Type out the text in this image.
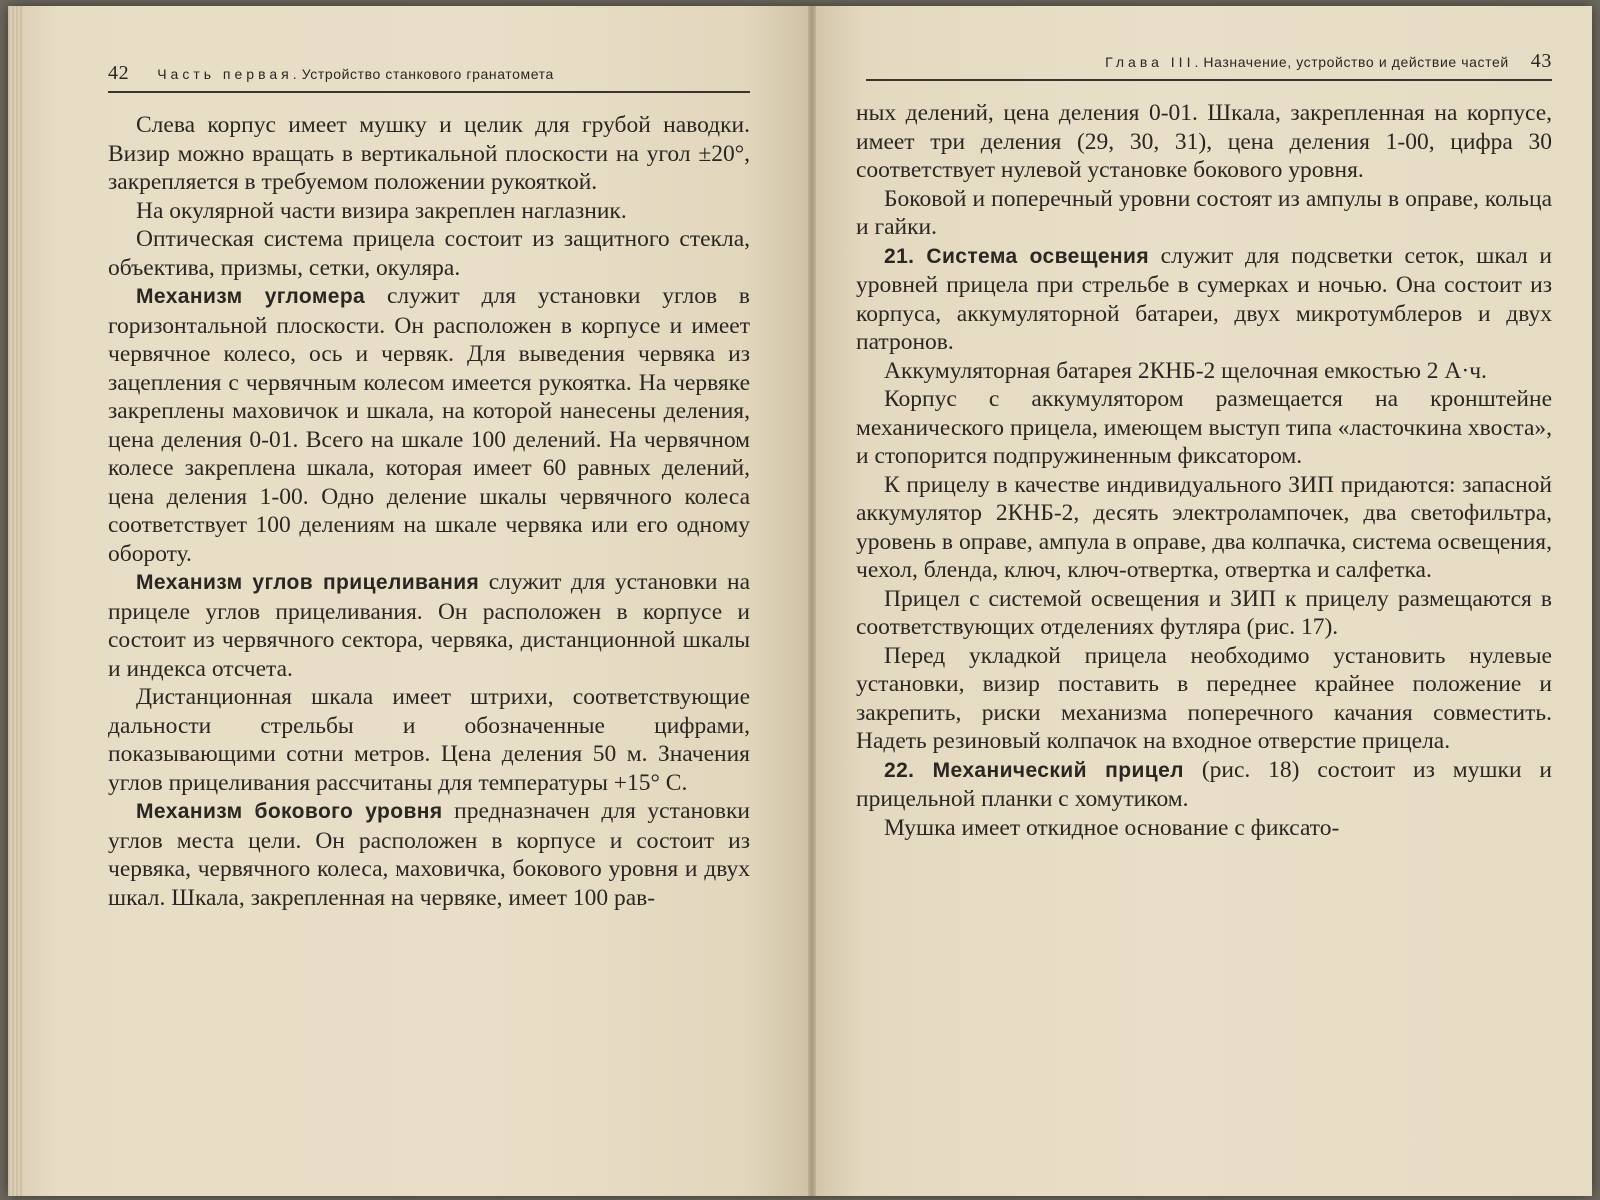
42 Часть первая . Устройство станкового гранатомета

Слева корпус имеет мушку и целик для грубой наводки. Визир можно вращать в вертикальной плоскости на угол ±20°, закрепляется в требуемом положении рукояткой.

На окулярной части визира закреплен наглазник.

Оптическая система прицела состоит из защитного стекла, объектива, призмы, сетки, окуляра.

Механизм угломера служит для установки углов в горизонтальной плоскости. Он расположен в корпусе и имеет червячное колесо, ось и червяк. Для выведения червяка из зацепления с червячным колесом имеется рукоятка. На червяке закреплены маховичок и шкала, на которой нанесены деления, цена деления 0-01. Всего на шкале 100 делений. На червячном колесе закреплена шкала, которая имеет 60 равных делений, цена деления 1-00. Одно деление шкалы червячного колеса соответствует 100 делениям на шкале червяка или его одному обороту.

Механизм углов прицеливания служит для установки на прицеле углов прицеливания. Он расположен в корпусе и состоит из червячного сектора, червяка, дистанционной шкалы и индекса отсчета.

Дистанционная шкала имеет штрихи, соответствующие дальности стрельбы и обозначенные цифрами, показывающими сотни метров. Цена деления 50 м. Значения углов прицеливания рассчитаны для температуры +15° С.

Механизм бокового уровня предназначен для установки углов места цели. Он расположен в корпусе и состоит из червяка, червячного колеса, маховичка, бокового уровня и двух шкал. Шкала, закрепленная на червяке, имеет 100 рав-

Глава III . Назначение, устройство и действие частей 43

ных делений, цена деления 0-01. Шкала, закрепленная на корпусе, имеет три деления (29, 30, 31), цена деления 1-00, цифра 30 соответствует нулевой установке бокового уровня.

Боковой и поперечный уровни состоят из ампулы в оправе, кольца и гайки.

21. Система освещения служит для подсветки сеток, шкал и уровней прицела при стрельбе в сумерках и ночью. Она состоит из корпуса, аккумуляторной батареи, двух микротумблеров и двух патронов.

Аккумуляторная батарея 2КНБ-2 щелочная емкостью 2 А·ч.

Корпус с аккумулятором размещается на кронштейне механического прицела, имеющем выступ типа «ласточкина хвоста», и стопорится подпружиненным фиксатором.

К прицелу в качестве индивидуального ЗИП придаются: запасной аккумулятор 2КНБ-2, десять электролампочек, два светофильтра, уровень в оправе, ампула в оправе, два колпачка, система освещения, чехол, бленда, ключ, ключ-отвертка, отвертка и салфетка.

Прицел с системой освещения и ЗИП к прицелу размещаются в соответствующих отделениях футляра (рис. 17).

Перед укладкой прицела необходимо установить нулевые установки, визир поставить в переднее крайнее положение и закрепить, риски механизма поперечного качания совместить. Надеть резиновый колпачок на входное отверстие прицела.

22. Механический прицел (рис. 18) состоит из мушки и прицельной планки с хомутиком.

Мушка имеет откидное основание с фиксато-
